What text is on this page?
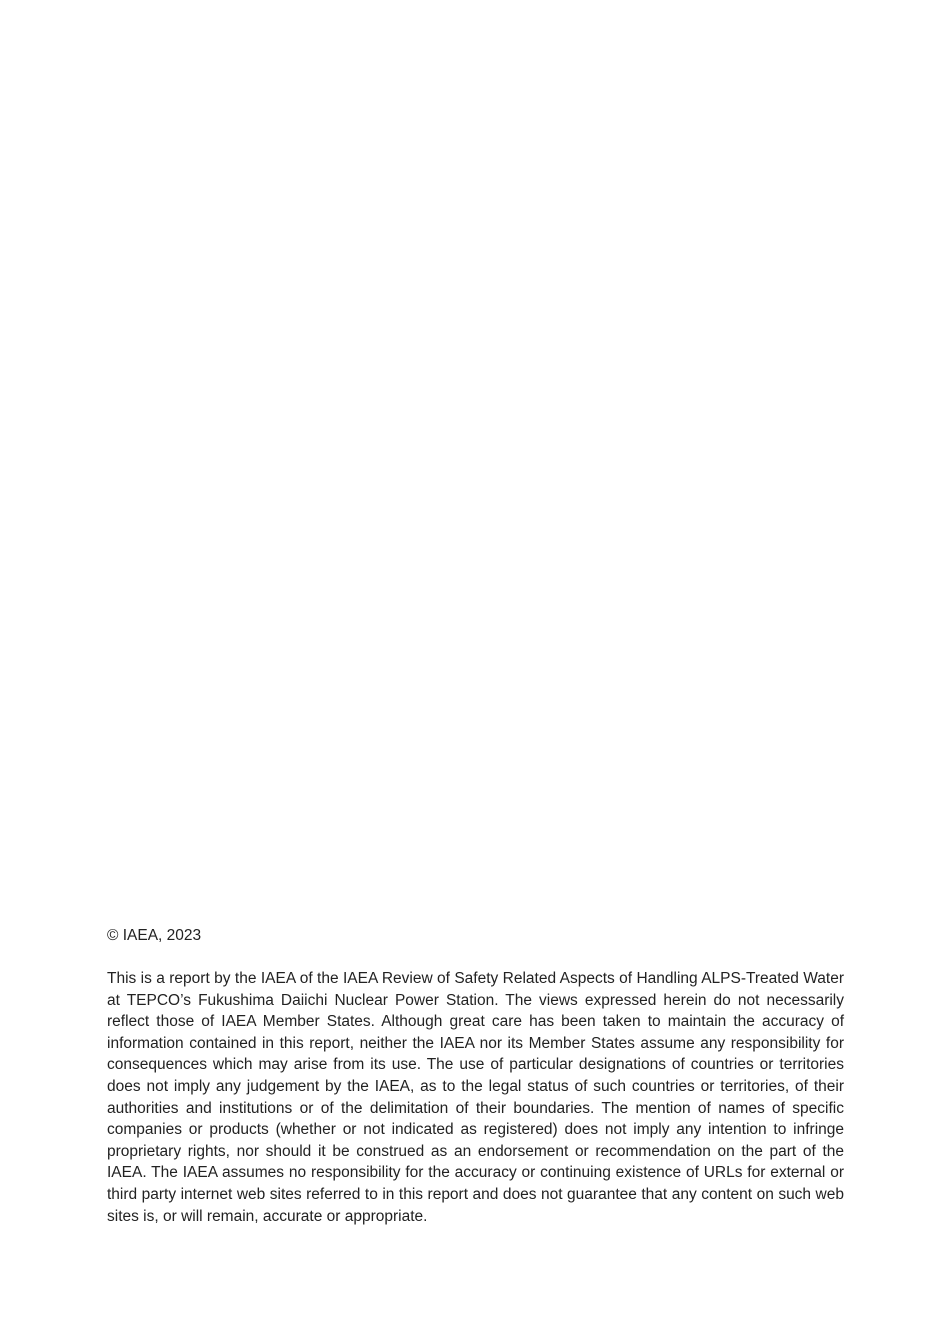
© IAEA, 2023

This is a report by the IAEA of the IAEA Review of Safety Related Aspects of Handling ALPS-Treated Water at TEPCO’s Fukushima Daiichi Nuclear Power Station. The views expressed herein do not necessarily reflect those of IAEA Member States. Although great care has been taken to maintain the accuracy of information contained in this report, neither the IAEA nor its Member States assume any responsibility for consequences which may arise from its use. The use of particular designations of countries or territories does not imply any judgement by the IAEA, as to the legal status of such countries or territories, of their authorities and institutions or of the delimitation of their boundaries. The mention of names of specific companies or products (whether or not indicated as registered) does not imply any intention to infringe proprietary rights, nor should it be construed as an endorsement or recommendation on the part of the IAEA. The IAEA assumes no responsibility for the accuracy or continuing existence of URLs for external or third party internet web sites referred to in this report and does not guarantee that any content on such web sites is, or will remain, accurate or appropriate.
